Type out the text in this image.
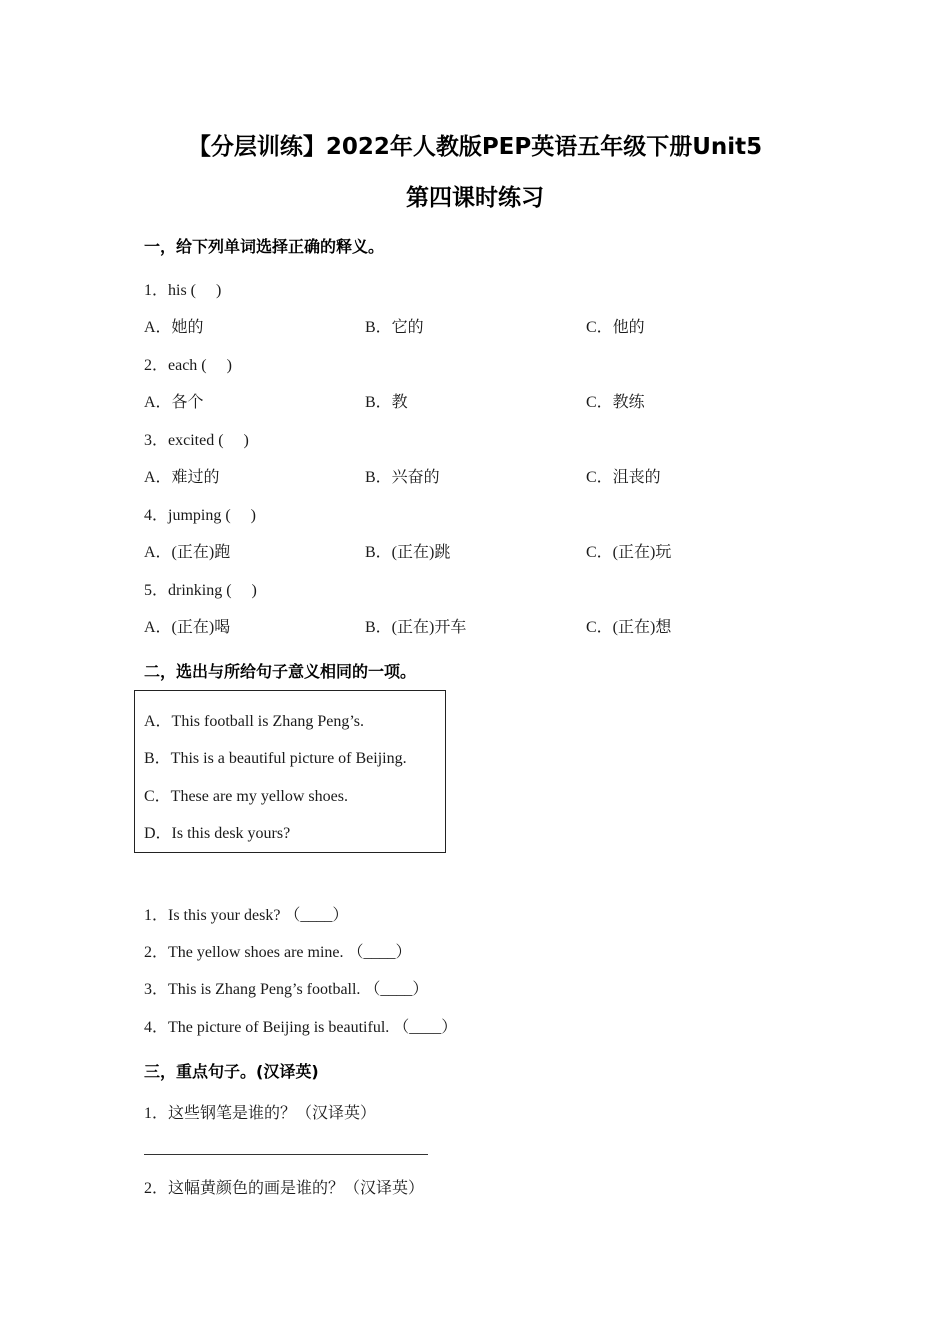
【分层训练】2022年人教版PEP英语五年级下册Unit5
第四课时练习
一，给下列单词选择正确的释义。
1．his (     )
A．她的	B．它的	C．他的
2．each (     )
A．各个	B．教	C．教练
3．excited (     )
A．难过的	B．兴奋的	C．沮丧的
4．jumping (     )
A．(正在)跑	B．(正在)跳	C．(正在)玩
5．drinking (     )
A．(正在)喝	B．(正在)开车	C．(正在)想
二，选出与所给句子意义相同的一项。
A．This football is Zhang Peng’s.
B．This is a beautiful picture of Beijing.
C．These are my yellow shoes.
D．Is this desk yours?
1．Is this your desk? （____）
2．The yellow shoes are mine. （____）
3．This is Zhang Peng’s football. （____）
4．The picture of Beijing is beautiful. （____）
三，重点句子。(汉译英)
1．这些钢笔是谁的？（汉译英）
2．这幅黄颜色的画是谁的？（汉译英）
